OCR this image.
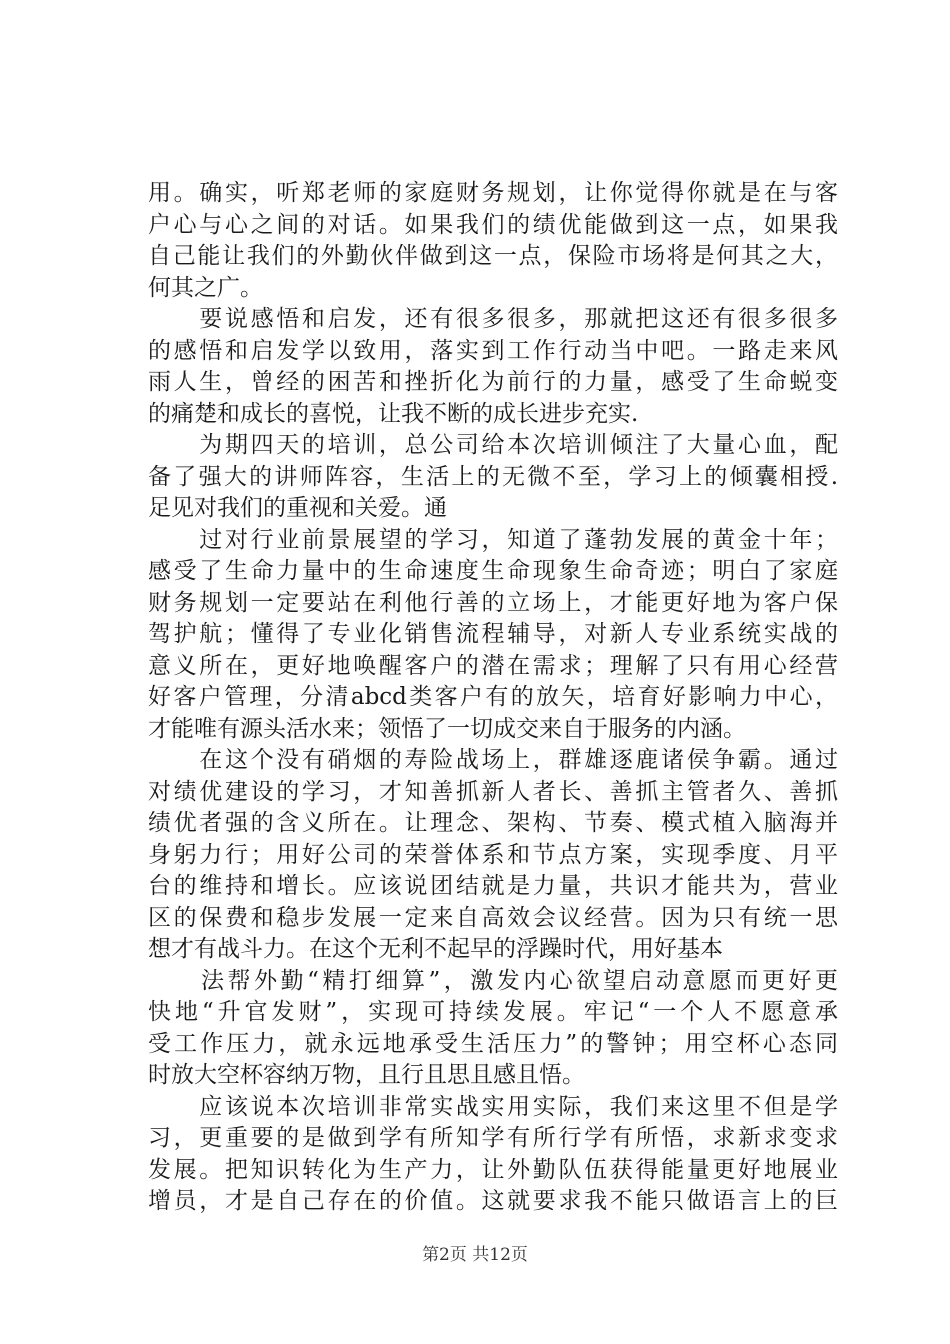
用。确实，听郑老师的家庭财务规划，让你觉得你就是在与客
户心与心之间的对话。如果我们的绩优能做到这一点，如果我
自己能让我们的外勤伙伴做到这一点，保险市场将是何其之大，
何其之广。
　　要说感悟和启发，还有很多很多，那就把这还有很多很多
的感悟和启发学以致用，落实到工作行动当中吧。一路走来风
雨人生，曾经的困苦和挫折化为前行的力量，感受了生命蜕变
的痛楚和成长的喜悦，让我不断的成长进步充实.
　　为期四天的培训，总公司给本次培训倾注了大量心血，配
备了强大的讲师阵容，生活上的无微不至，学习上的倾囊相授.
足见对我们的重视和关爱。通
　　过对行业前景展望的学习，知道了蓬勃发展的黄金十年；
感受了生命力量中的生命速度生命现象生命奇迹；明白了家庭
财务规划一定要站在利他行善的立场上，才能更好地为客户保
驾护航；懂得了专业化销售流程辅导，对新人专业系统实战的
意义所在，更好地唤醒客户的潜在需求；理解了只有用心经营
好客户管理，分清abcd类客户有的放矢，培育好影响力中心，
才能唯有源头活水来；领悟了一切成交来自于服务的内涵。
　　在这个没有硝烟的寿险战场上，群雄逐鹿诸侯争霸。通过
对绩优建设的学习，才知善抓新人者长、善抓主管者久、善抓
绩优者强的含义所在。让理念、架构、节奏、模式植入脑海并
身躬力行；用好公司的荣誉体系和节点方案，实现季度、月平
台的维持和增长。应该说团结就是力量，共识才能共为，营业
区的保费和稳步发展一定来自高效会议经营。因为只有统一思
想才有战斗力。在这个无利不起早的浮躁时代，用好基本
　　法帮外勤“精打细算”，激发内心欲望启动意愿而更好更
快地“升官发财”，实现可持续发展。牢记“一个人不愿意承
受工作压力，就永远地承受生活压力”的警钟；用空杯心态同
时放大空杯容纳万物，且行且思且感且悟。
　　应该说本次培训非常实战实用实际，我们来这里不但是学
习，更重要的是做到学有所知学有所行学有所悟，求新求变求
发展。把知识转化为生产力，让外勤队伍获得能量更好地展业
增员，才是自己存在的价值。这就要求我不能只做语言上的巨
第2页 共12页
